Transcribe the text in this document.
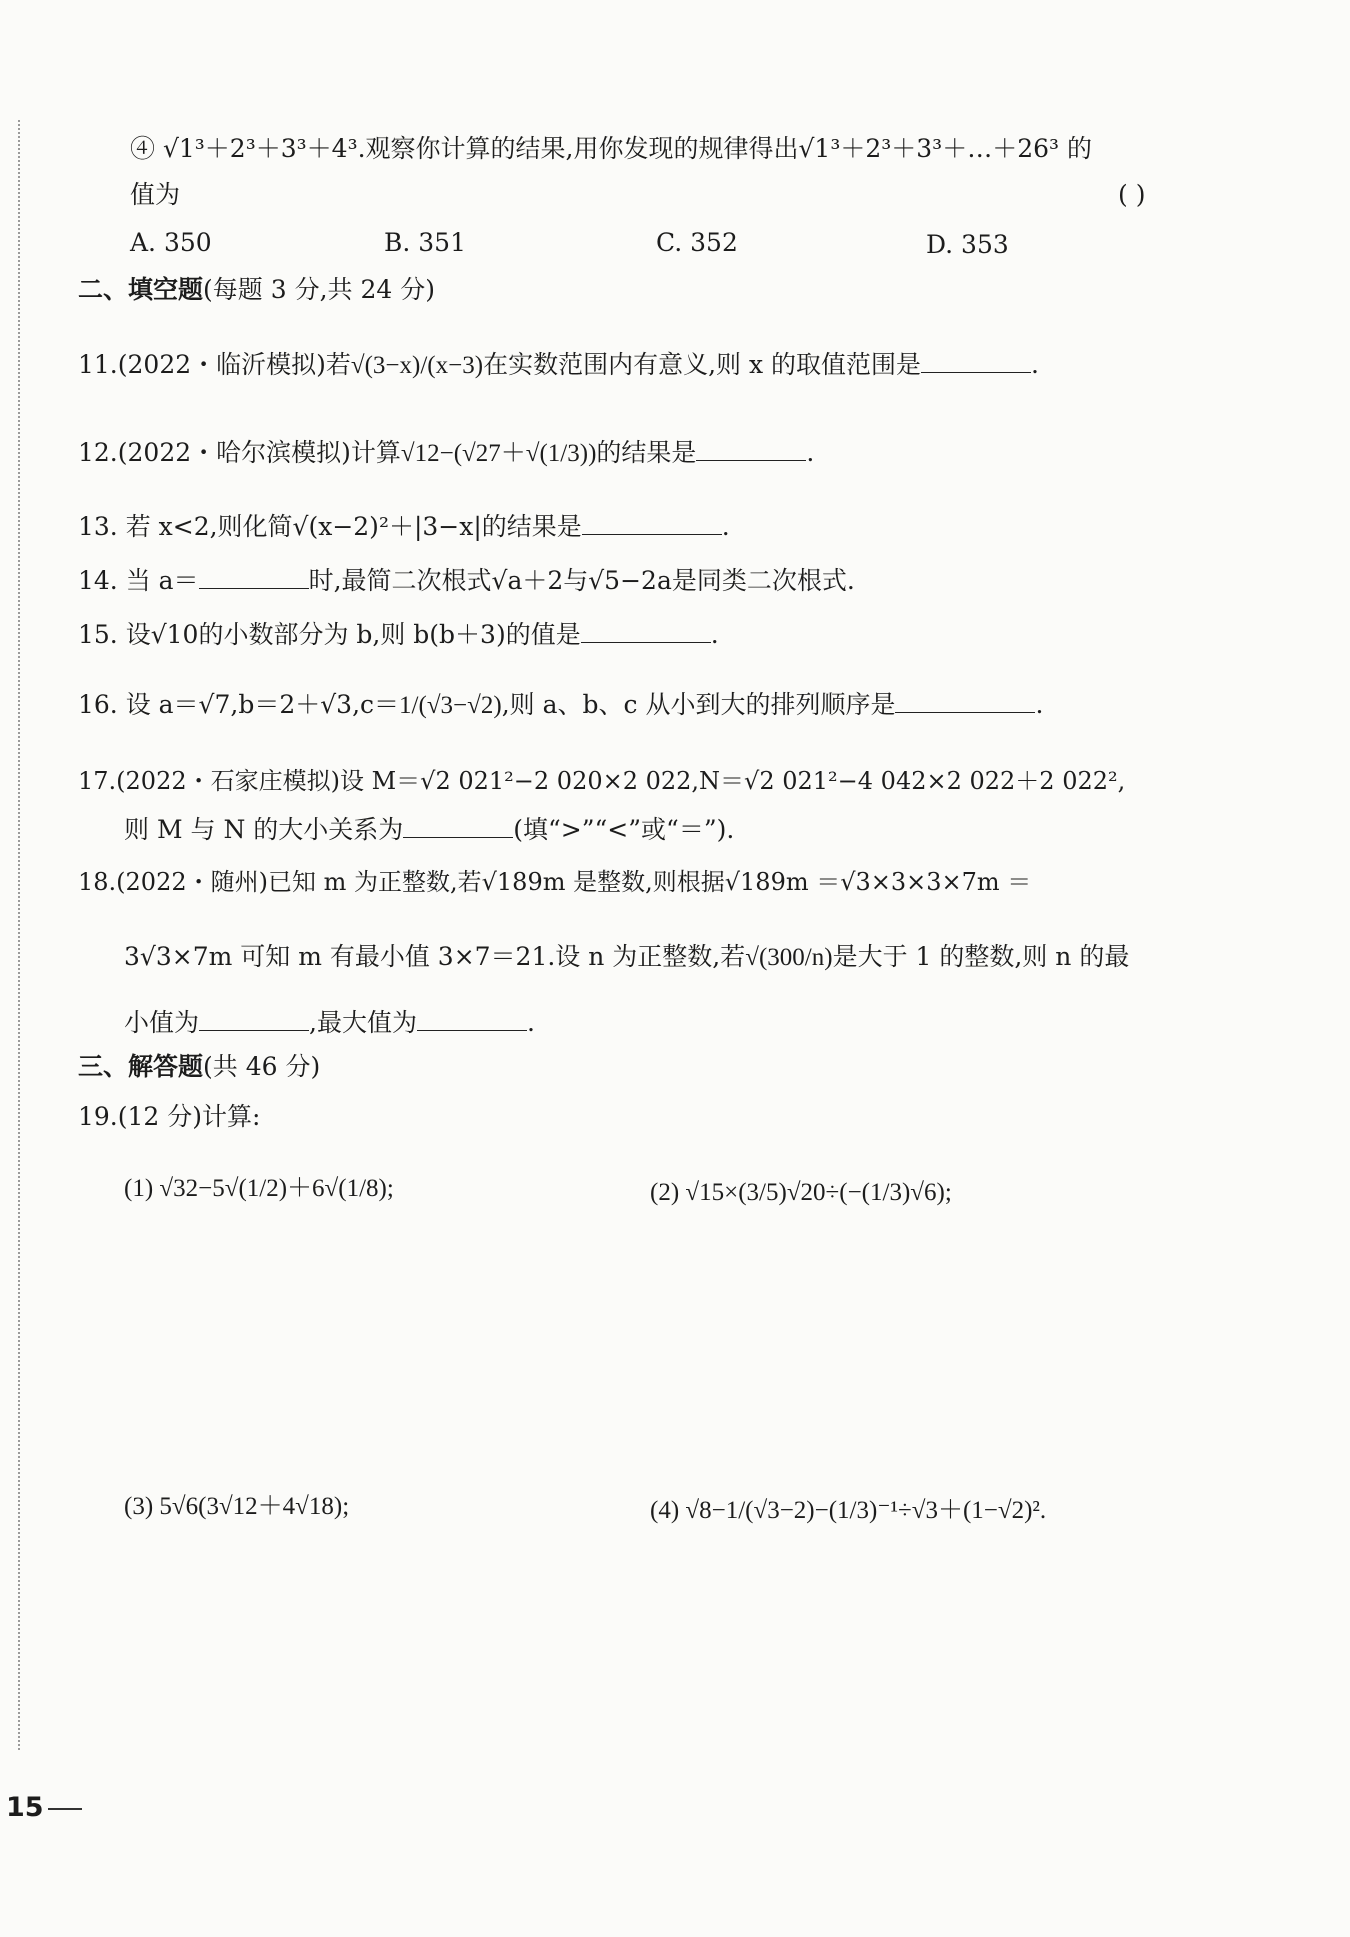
④ √1³＋2³＋3³＋4³.观察你计算的结果,用你发现的规律得出√1³＋2³＋3³＋…＋26³ 的
值为	( )
A. 350	B. 351	C. 352	D. 353
二、填空题(每题 3 分,共 24 分)
11.(2022・临沂模拟)若√(3−x)/(x−3)在实数范围内有意义,则 x 的取值范围是	.
12.(2022・哈尔滨模拟)计算√12−(√27＋√(1/3))的结果是	.
13. 若 x<2,则化简√(x−2)²＋|3−x|的结果是	.
14. 当 a＝	时,最简二次根式√a＋2与√5−2a是同类二次根式.
15. 设√10的小数部分为 b,则 b(b＋3)的值是	.
16. 设 a＝√7,b＝2＋√3,c＝1/(√3−√2),则 a、b、c 从小到大的排列顺序是	.
17.(2022・石家庄模拟)设 M＝√2 021²−2 020×2 022,N＝√2 021²−4 042×2 022＋2 022²,
则 M 与 N 的大小关系为	(填“>”“<”或“＝”).
18.(2022・随州)已知 m 为正整数,若√189m 是整数,则根据√189m ＝√3×3×3×7m ＝
3√3×7m 可知 m 有最小值 3×7＝21.设 n 为正整数,若√(300/n)是大于 1 的整数,则 n 的最
小值为	,最大值为	.
三、解答题(共 46 分)
19.(12 分)计算:
(1) √32−5√(1/2)＋6√(1/8);	(2) √15×(3/5)√20÷(−(1/3)√6);
(3) 5√6(3√12＋4√18);	(4) √8−1/(√3−2)−(1/3)⁻¹÷√3＋(1−√2)².
15
